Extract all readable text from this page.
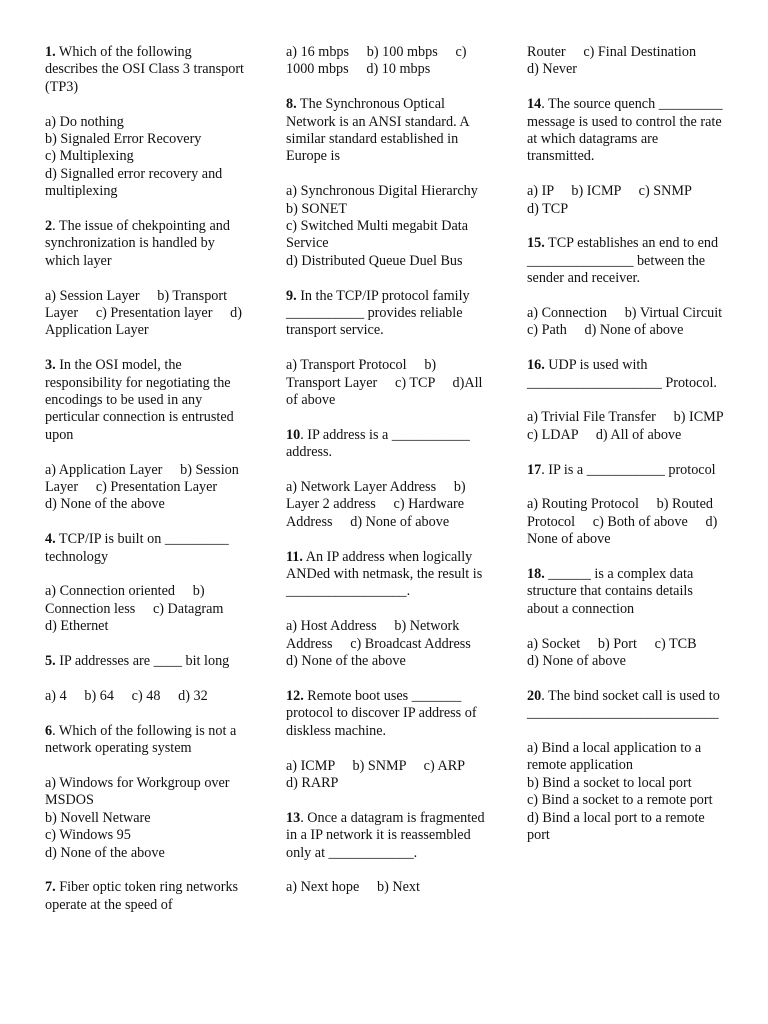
1. Which of the following describes the OSI Class 3 transport (TP3)

a) Do nothing

b) Signaled Error Recovery

c) Multiplexing

d) Signalled error recovery and multiplexing

2. The issue of chekpointing and synchronization is handled by which layer

a) Session Layer     b) Transport Layer     c) Presentation layer     d) Application Layer

3. In the OSI model, the responsibility for negotiating the encodings to be used in any perticular connection is entrusted upon

a) Application Layer     b) Session Layer     c) Presentation Layer     d) None of the above

4. TCP/IP is built on _________ technology

a) Connection oriented     b) Connection less     c) Datagram     d) Ethernet

5. IP addresses are ____ bit long

a) 4     b) 64     c) 48     d) 32

6. Which of the following is not a network operating system

a) Windows for Workgroup over MSDOS

b) Novell Netware

c) Windows 95

d) None of the above

7. Fiber optic token ring networks operate at the speed of

a) 16 mbps     b) 100 mbps     c) 1000 mbps     d) 10 mbps

8. The Synchronous Optical Network is an ANSI standard. A similar standard established in Europe is

a) Synchronous Digital Hierarchy

b) SONET

c) Switched Multi megabit Data Service

d) Distributed Queue Duel Bus

9. In the TCP/IP protocol family ___________ provides reliable transport service.

a) Transport Protocol     b) Transport Layer     c) TCP     d)All of above

10. IP address is a ___________ address.

a) Network Layer Address     b) Layer 2 address     c) Hardware Address     d) None of above

11. An IP address when logically ANDed with netmask, the result is _________________.

a) Host Address     b) Network Address     c) Broadcast Address     d) None of the above

12. Remote boot uses _______ protocol to discover IP address of diskless machine.

a) ICMP     b) SNMP     c) ARP     d) RARP

13. Once a datagram is fragmented in a IP network it is reassembled only at ____________.

a) Next hope     b) Next

Router     c) Final Destination

d) Never

14. The source quench _________ message is used to control the rate at which datagrams are transmitted.

a) IP     b) ICMP     c) SNMP

d) TCP

15. TCP establishes an end to end _______________ between the sender and receiver.

a) Connection     b) Virtual Circuit     c) Path     d) None of above

16. UDP is used with ___________________ Protocol.

a) Trivial File Transfer     b) ICMP     c) LDAP     d) All of above

17. IP is a ___________ protocol

a) Routing Protocol     b) Routed Protocol     c) Both of above     d) None of above

18. ______ is a complex data structure that contains details about a connection

a) Socket     b) Port     c) TCB

d) None of above

20. The bind socket call is used to ___________________________

a) Bind a local application to a remote application

b) Bind a socket to local port

c) Bind a socket to a remote port

d) Bind a local port to a remote port
